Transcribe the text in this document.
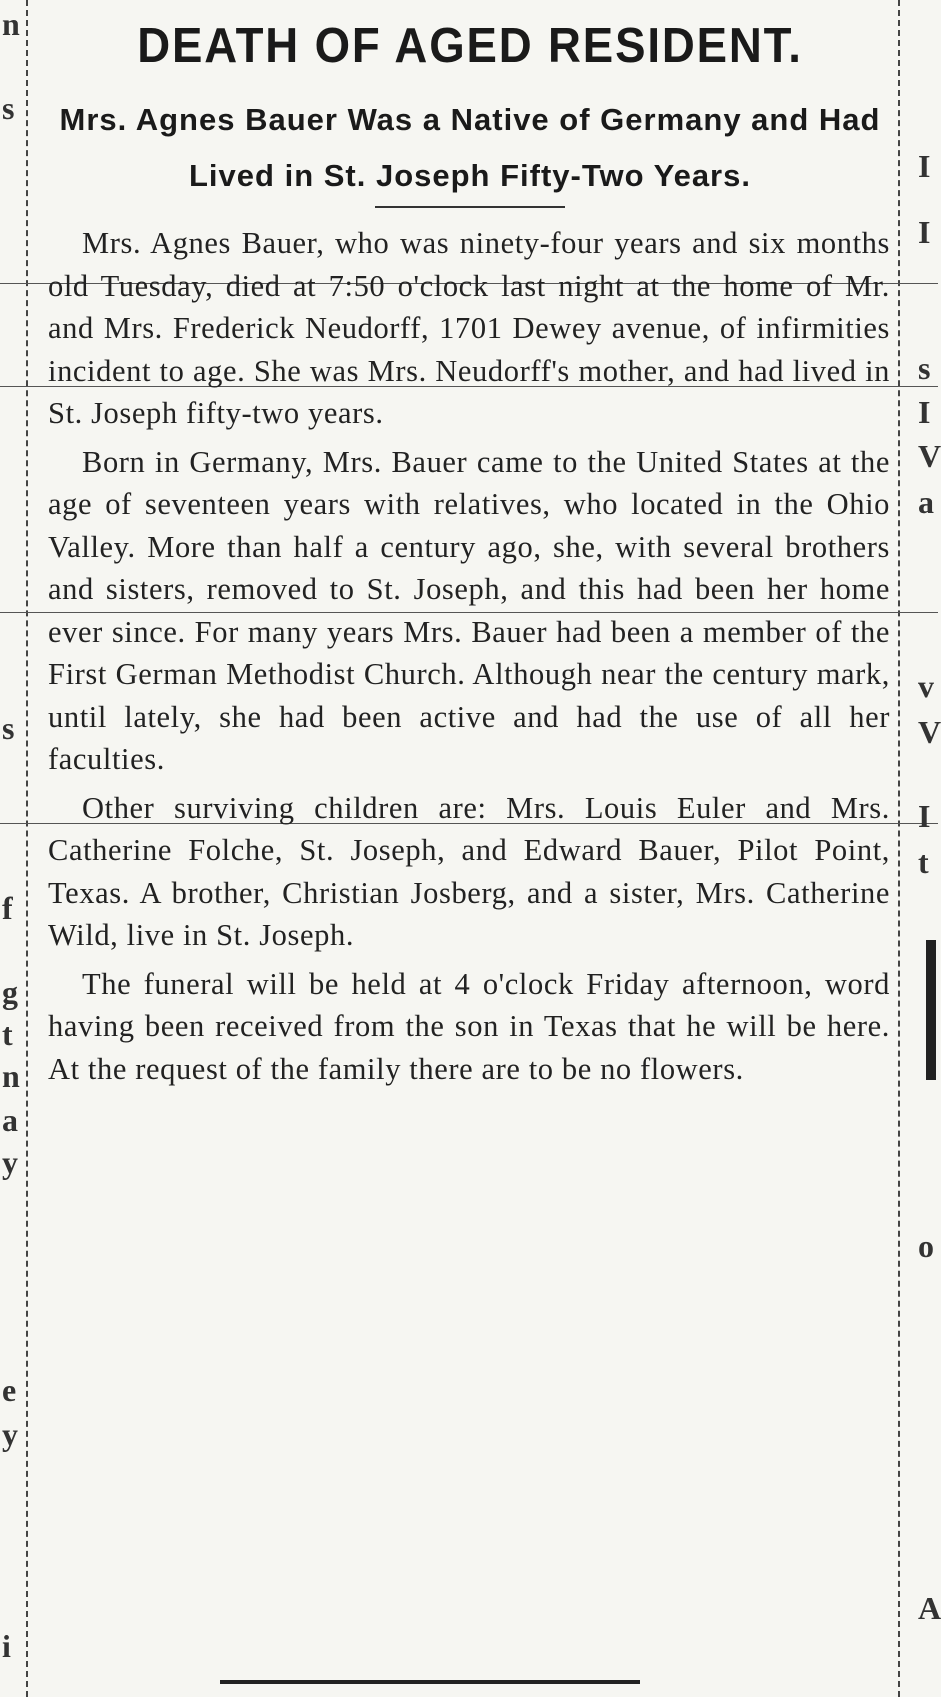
n
s
s
f
g
t
n
a
y
e
y
i
I
I
s
I
V
a
v
V
I
t
o
A
DEATH OF AGED RESIDENT.
Mrs. Agnes Bauer Was a Native of Germany and Had Lived in St. Joseph Fifty-Two Years.

Mrs. Agnes Bauer, who was ninety-four years and six months old Tuesday, died at 7:50 o'clock last night at the home of Mr. and Mrs. Frederick Neudorff, 1701 Dewey avenue, of infirmities incident to age. She was Mrs. Neudorff's mother, and had lived in St. Joseph fifty-two years.

Born in Germany, Mrs. Bauer came to the United States at the age of seventeen years with relatives, who located in the Ohio Valley. More than half a century ago, she, with several brothers and sisters, removed to St. Joseph, and this had been her home ever since. For many years Mrs. Bauer had been a member of the First German Methodist Church. Although near the century mark, until lately, she had been active and had the use of all her faculties.

Other surviving children are: Mrs. Louis Euler and Mrs. Catherine Folche, St. Joseph, and Edward Bauer, Pilot Point, Texas. A brother, Christian Josberg, and a sister, Mrs. Catherine Wild, live in St. Joseph.

The funeral will be held at 4 o'clock Friday afternoon, word having been received from the son in Texas that he will be here. At the request of the family there are to be no flowers.
